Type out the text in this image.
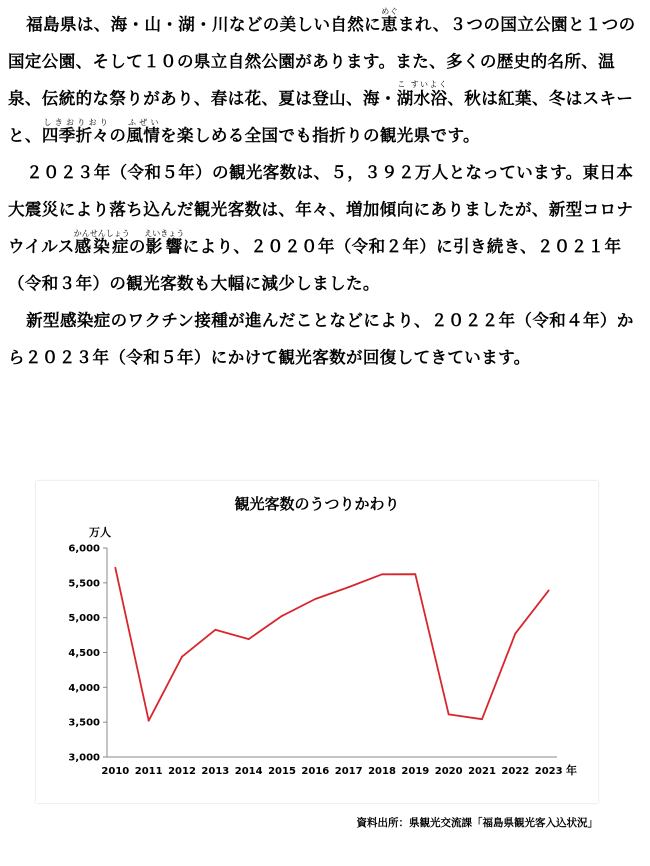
福島県は、海・山・湖・川などの美しい自然に恵めぐまれ、３つの国立公園と１つの国定公園、そして１０の県立自然公園があります。また、多くの歴史的名所、温泉、伝統的な祭りがあり、春は花、夏は登山、海・湖水浴こ すいよく、秋は紅葉、冬はスキーと、四季折々しきおりおりの風情ふぜいを楽しめる全国でも指折りの観光県です。

２０２３年（令和５年）の観光客数は、５，３９２万人となっています。東日本大震災により落ち込んだ観光客数は、年々、増加傾向にありましたが、新型コロナウイルス感染症かんせんしょうの影響えいきょうにより、２０２０年（令和２年）に引き続き、２０２１年（令和３年）の観光客数も大幅に減少しました。

新型感染症のワクチン接種が進んだことなどにより、２０２２年（令和４年）から２０２３年（令和５年）にかけて観光客数が回復してきています。

観光客数のうつりかわり
万人
年
3,000
3,500
4,000
4,500
5,000
5,500
6,000
2010 2011 2012 2013 2014 2015 2016 2017 2018 2019 2020 2021 2022 2023
資料出所：県観光交流課「福島県観光客入込状況」
